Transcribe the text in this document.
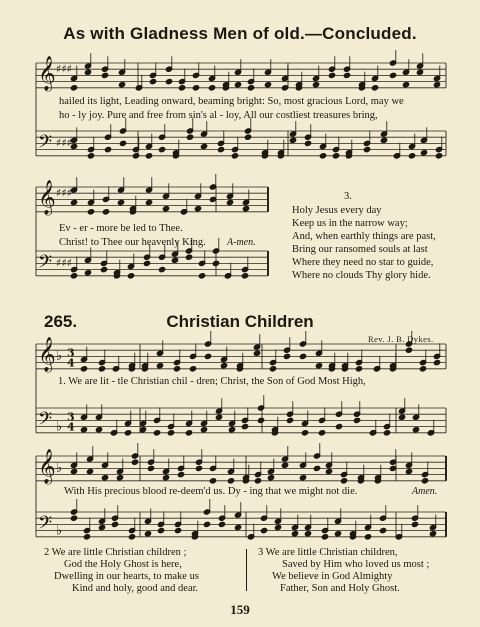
As with Gladness Men of old.—Concluded.
𝄞
𝄢
♯♯♯
♯♯♯
𝄞
𝄢
♯♯♯
♯♯♯
𝄞
𝄢
♭
♭
3
4
3
4
𝄞
𝄢
♭
♭
hailed its light, Leading onward, beaming bright: So, most gracious Lord, may we
ho - ly joy. Pure and free from sin's al - loy, All our costliest treasures bring,
Ev - er - more be led to Thee.
Christ! to Thee our heavenly King. A-men.
3.
Holy Jesus every day
Keep us in the narrow way;
And, when earthly things are past,
Bring our ransomed souls at last
Where they need no star to guide,
Where no clouds Thy glory hide.
265.	Christian Children
Rev. J. B. Dykes.
1. We are lit - tle Christian chil - dren; Christ, the Son of God Most High,
With His precious blood re-deem'd us. Dy - ing that we might not die.	Amen.
2 We are little Christian children ;
God the Holy Ghost is here,
Dwelling in our hearts, to make us
Kind and holy, good and dear.
3 We are little Christian children,
Saved by Him who loved us most ;
We believe in God Almighty
Father, Son and Holy Ghost.
159
